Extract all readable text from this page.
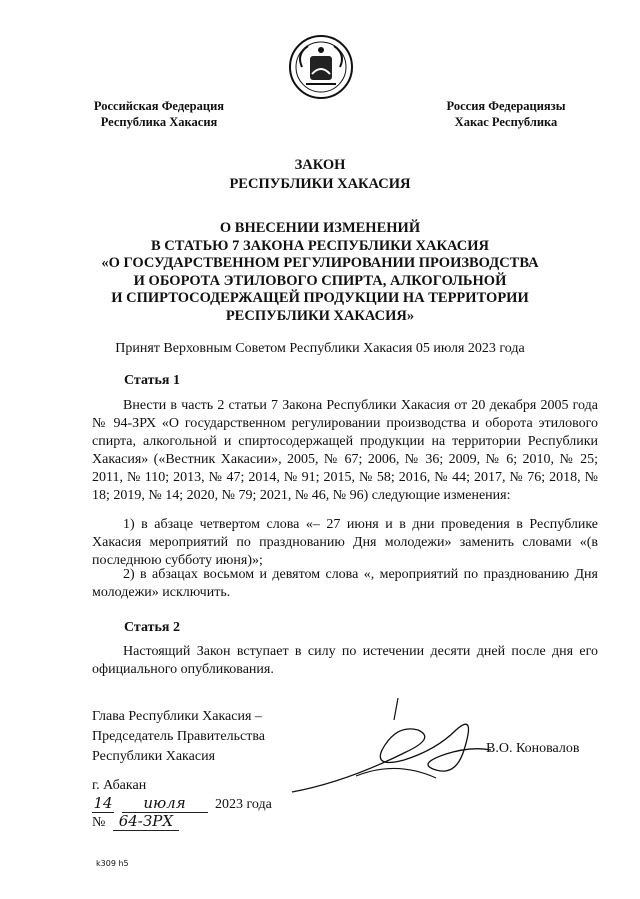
Российская Федерация
Республика Хакасия
Россия Федерациязы
Хакас Республика
ЗАКОН
РЕСПУБЛИКИ ХАКАСИЯ
О ВНЕСЕНИИ ИЗМЕНЕНИЙ
В СТАТЬЮ 7 ЗАКОНА РЕСПУБЛИКИ ХАКАСИЯ
«О ГОСУДАРСТВЕННОМ РЕГУЛИРОВАНИИ ПРОИЗВОДСТВА
И ОБОРОТА ЭТИЛОВОГО СПИРТА, АЛКОГОЛЬНОЙ
И СПИРТОСОДЕРЖАЩЕЙ ПРОДУКЦИИ НА ТЕРРИТОРИИ
РЕСПУБЛИКИ ХАКАСИЯ»
Принят Верховным Советом Республики Хакасия 05 июля 2023 года
Статья 1
Внести в часть 2 статьи 7 Закона Республики Хакасия от 20 декабря 2005 года № 94-ЗРХ «О государственном регулировании производства и оборота этилового спирта, алкогольной и спиртосодержащей продукции на территории Республики Хакасия» («Вестник Хакасии», 2005, № 67; 2006, № 36; 2009, № 6; 2010, № 25; 2011, № 110; 2013, № 47; 2014, № 91; 2015, № 58; 2016, № 44; 2017, № 76; 2018, № 18; 2019, № 14; 2020, № 79; 2021, № 46, № 96) следующие изменения:
1) в абзаце четвертом слова «– 27 июня и в дни проведения в Республике Хакасия мероприятий по празднованию Дня молодежи» заменить словами «(в последнюю субботу июня)»;
2) в абзацах восьмом и девятом слова «, мероприятий по празднованию Дня молодежи» исключить.
Статья 2
Настоящий Закон вступает в силу по истечении десяти дней после дня его официального опубликования.
Глава Республики Хакасия –
Председатель Правительства
Республики Хакасия
В.О. Коновалов
г. Абакан
14 июля 2023 года
№ 64-ЗРХ
k309 h5
